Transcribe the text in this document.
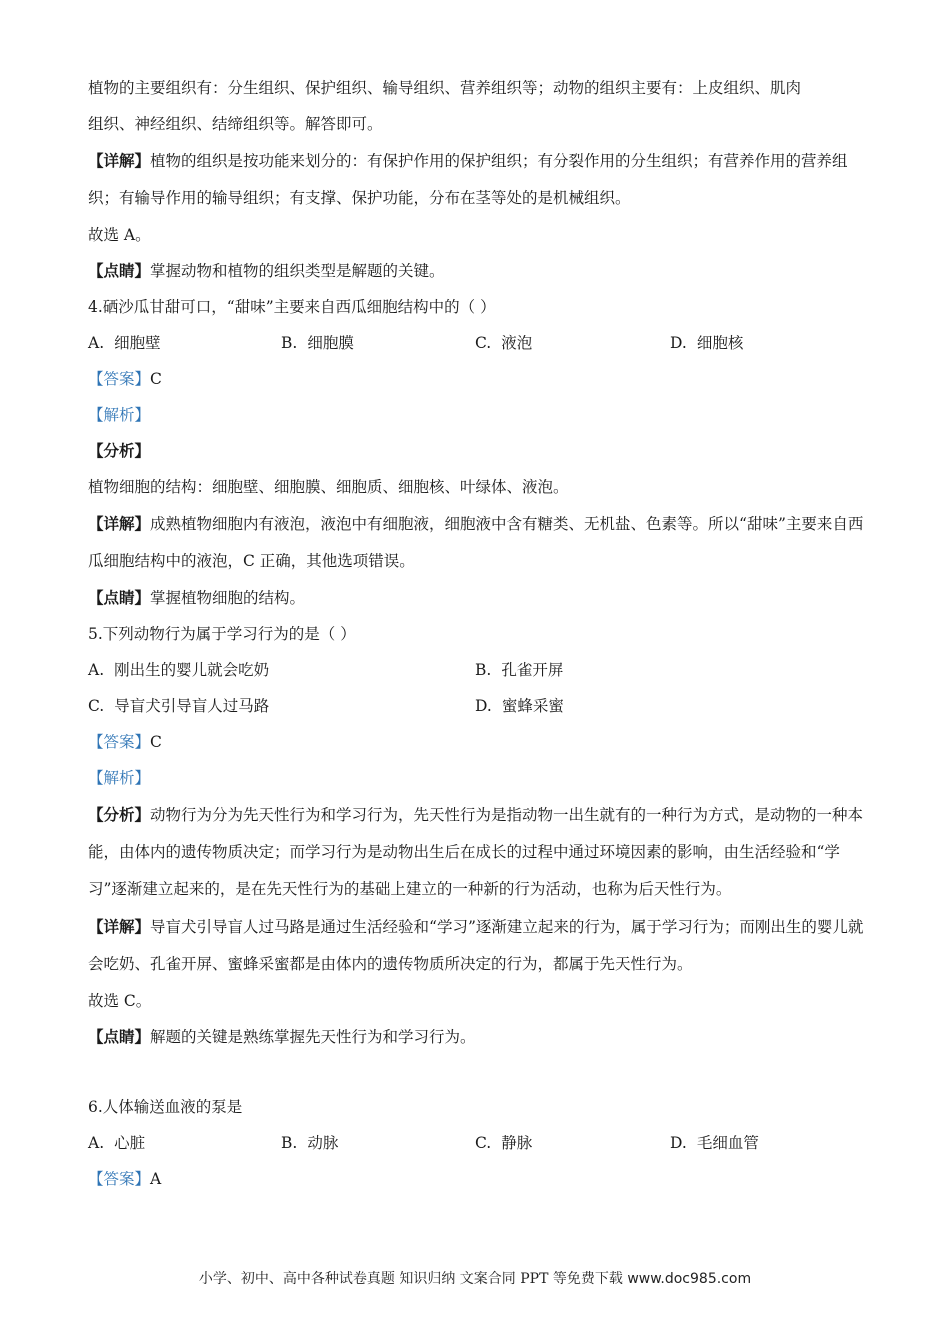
植物的主要组织有：分生组织、保护组织、输导组织、营养组织等；动物的组织主要有：上皮组织、肌肉
组织、神经组织、结缔组织等。解答即可。
【详解】植物的组织是按功能来划分的：有保护作用的保护组织；有分裂作用的分生组织；有营养作用的营养组织；有输导作用的输导组织；有支撑、保护功能，分布在茎等处的是机械组织。
故选 A。
【点睛】掌握动物和植物的组织类型是解题的关键。
4.硒沙瓜甘甜可口，“甜味”主要来自西瓜细胞结构中的（ ）
A. 细胞壁	B. 细胞膜	C. 液泡	D. 细胞核
【答案】C
【解析】
【分析】
植物细胞的结构：细胞壁、细胞膜、细胞质、细胞核、叶绿体、液泡。
【详解】成熟植物细胞内有液泡，液泡中有细胞液，细胞液中含有糖类、无机盐、色素等。所以“甜味”主要来自西瓜细胞结构中的液泡，C 正确，其他选项错误。
【点睛】掌握植物细胞的结构。
5.下列动物行为属于学习行为的是（ ）
A. 刚出生的婴儿就会吃奶	B. 孔雀开屏
C. 导盲犬引导盲人过马路	D. 蜜蜂采蜜
【答案】C
【解析】
【分析】动物行为分为先天性行为和学习行为，先天性行为是指动物一出生就有的一种行为方式，是动物的一种本能，由体内的遗传物质决定；而学习行为是动物出生后在成长的过程中通过环境因素的影响，由生活经验和“学习”逐渐建立起来的，是在先天性行为的基础上建立的一种新的行为活动，也称为后天性行为。
【详解】导盲犬引导盲人过马路是通过生活经验和“学习”逐渐建立起来的行为，属于学习行为；而刚出生的婴儿就会吃奶、孔雀开屏、蜜蜂采蜜都是由体内的遗传物质所决定的行为，都属于先天性行为。
故选 C。
【点睛】解题的关键是熟练掌握先天性行为和学习行为。
6.人体输送血液的泵是
A. 心脏	B. 动脉	C. 静脉	D. 毛细血管
【答案】A
小学、初中、高中各种试卷真题 知识归纳 文案合同 PPT 等免费下载 www.doc985.com
